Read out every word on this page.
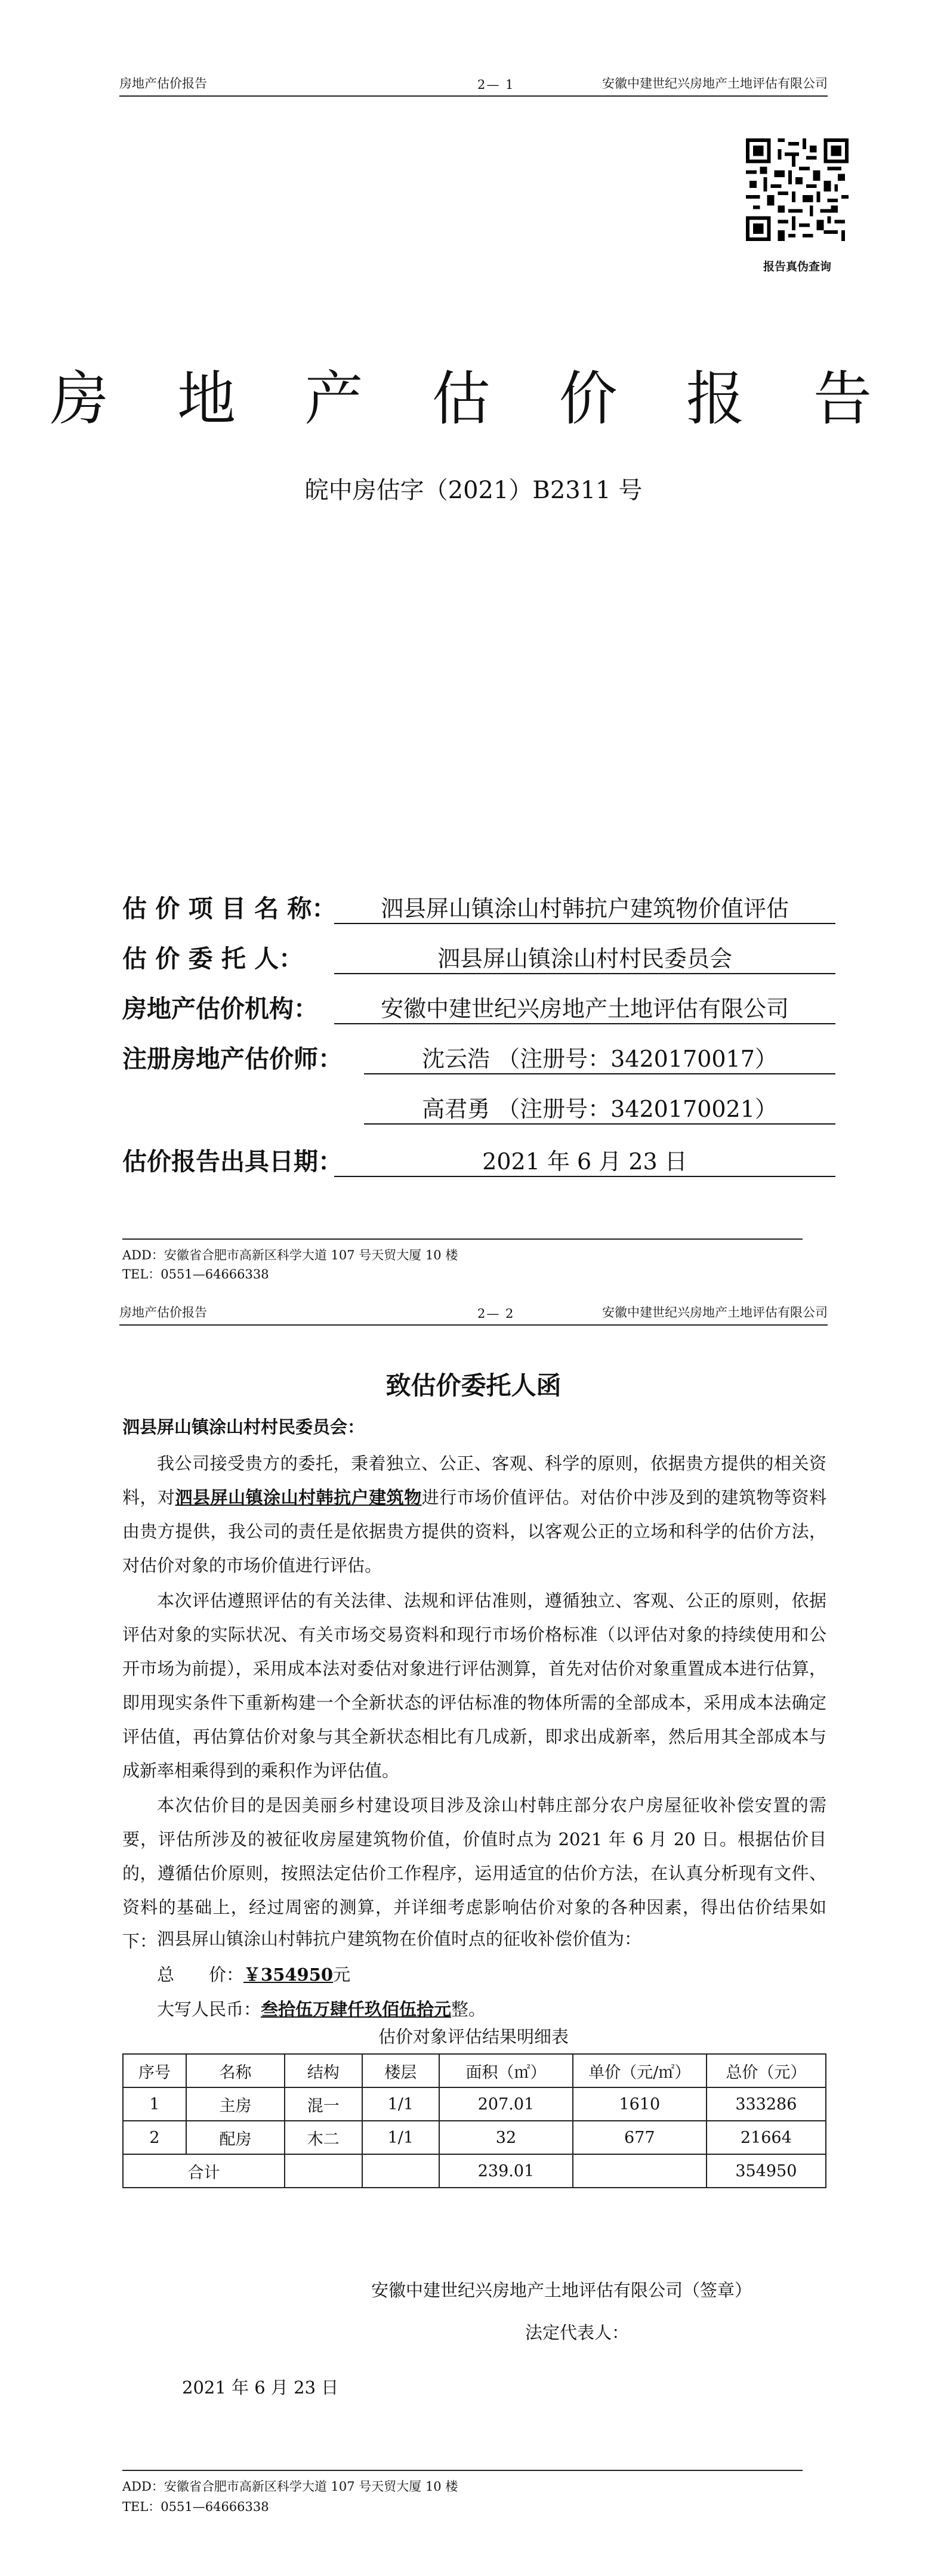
房地产估价报告	2— 1	安徽中建世纪兴房地产土地评估有限公司
报告真伪查询
房 地 产 估 价 报 告
皖中房估字（2021）B2311 号
估 价 项 目 名 称：	泗县屏山镇涂山村韩抗户建筑物价值评估
估 价 委 托 人：	泗县屏山镇涂山村村民委员会
房地产估价机构：	安徽中建世纪兴房地产土地评估有限公司
注册房地产估价师：	沈云浩 （注册号：3420170017）
高君勇 （注册号：3420170021）
估价报告出具日期：	2021 年 6 月 23 日
ADD：安徽省合肥市高新区科学大道 107 号天贸大厦 10 楼
TEL：0551—64666338
房地产估价报告	2— 2	安徽中建世纪兴房地产土地评估有限公司
致估价委托人函
泗县屏山镇涂山村村民委员会：
我公司接受贵方的委托，秉着独立、公正、客观、科学的原则，依据贵方提供的相关资料，对泗县屏山镇涂山村韩抗户建筑物进行市场价值评估。对估价中涉及到的建筑物等资料由贵方提供，我公司的责任是依据贵方提供的资料，以客观公正的立场和科学的估价方法，对估价对象的市场价值进行评估。
本次评估遵照评估的有关法律、法规和评估准则，遵循独立、客观、公正的原则，依据评估对象的实际状况、有关市场交易资料和现行市场价格标准（以评估对象的持续使用和公开市场为前提），采用成本法对委估对象进行评估测算，首先对估价对象重置成本进行估算，即用现实条件下重新构建一个全新状态的评估标准的物体所需的全部成本，采用成本法确定评估值，再估算估价对象与其全新状态相比有几成新，即求出成新率，然后用其全部成本与成新率相乘得到的乘积作为评估值。
本次估价目的是因美丽乡村建设项目涉及涂山村韩庄部分农户房屋征收补偿安置的需要，评估所涉及的被征收房屋建筑物价值，价值时点为 2021 年 6 月 20 日。根据估价目的，遵循估价原则，按照法定估价工作程序，运用适宜的估价方法，在认真分析现有文件、资料的基础上，经过周密的测算，并详细考虑影响估价对象的各种因素，得出估价结果如下： 泗县屏山镇涂山村韩抗户建筑物在价值时点的征收补偿价值为：
总　　价：￥354950元
大写人民币：叁拾伍万肆仟玖佰伍拾元整。
估价对象评估结果明细表
序号	名称	结构	楼层	面积（㎡）	单价（元/㎡）	总价（元）
1	主房	混一	1/1	207.01	1610	333286
2	配房	木二	1/1	32	677	21664
合计				239.01		354950
安徽中建世纪兴房地产土地评估有限公司（签章）
法定代表人：
2021 年 6 月 23 日
ADD：安徽省合肥市高新区科学大道 107 号天贸大厦 10 楼
TEL：0551—64666338
